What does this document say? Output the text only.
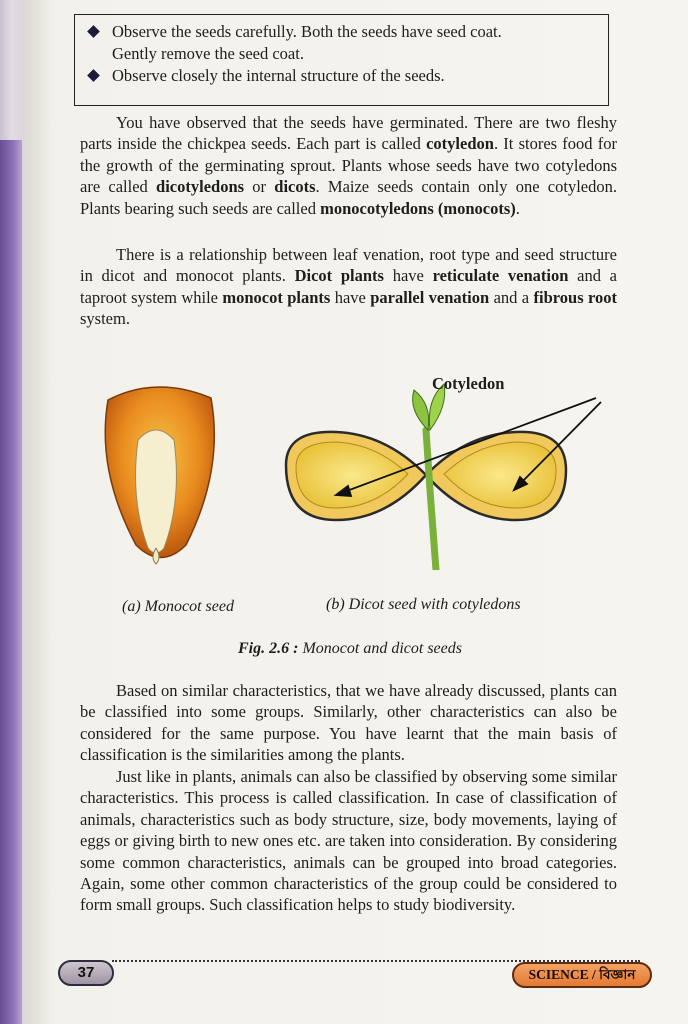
Observe the seeds carefully. Both the seeds have seed coat.
Gently remove the seed coat.
Observe closely the internal structure of the seeds.

You have observed that the seeds have germinated. There are two fleshy parts inside the chickpea seeds. Each part is called cotyledon. It stores food for the growth of the germinating sprout. Plants whose seeds have two cotyledons are called dicotyledons or dicots. Maize seeds contain only one cotyledon. Plants bearing such seeds are called monocotyledons (monocots).

There is a relationship between leaf venation, root type and seed structure in dicot and monocot plants. Dicot plants have reticulate venation and a taproot system while monocot plants have parallel venation and a fibrous root system.

Cotyledon
(a) Monocot seed	(b) Dicot seed with cotyledons
Fig. 2.6 : Monocot and dicot seeds

Based on similar characteristics, that we have already discussed, plants can be classified into some groups. Similarly, other characteristics can also be considered for the same purpose. You have learnt that the main basis of classification is the similarities among the plants.

Just like in plants, animals can also be classified by observing some similar characteristics. This process is called classification. In case of classification of animals, characteristics such as body structure, size, body movements, laying of eggs or giving birth to new ones etc. are taken into consideration. By considering some common characteristics, animals can be grouped into broad categories. Again, some other common characteristics of the group could be considered to form small groups. Such classification helps to study biodiversity.

37	SCIENCE / বিজ্ঞান
